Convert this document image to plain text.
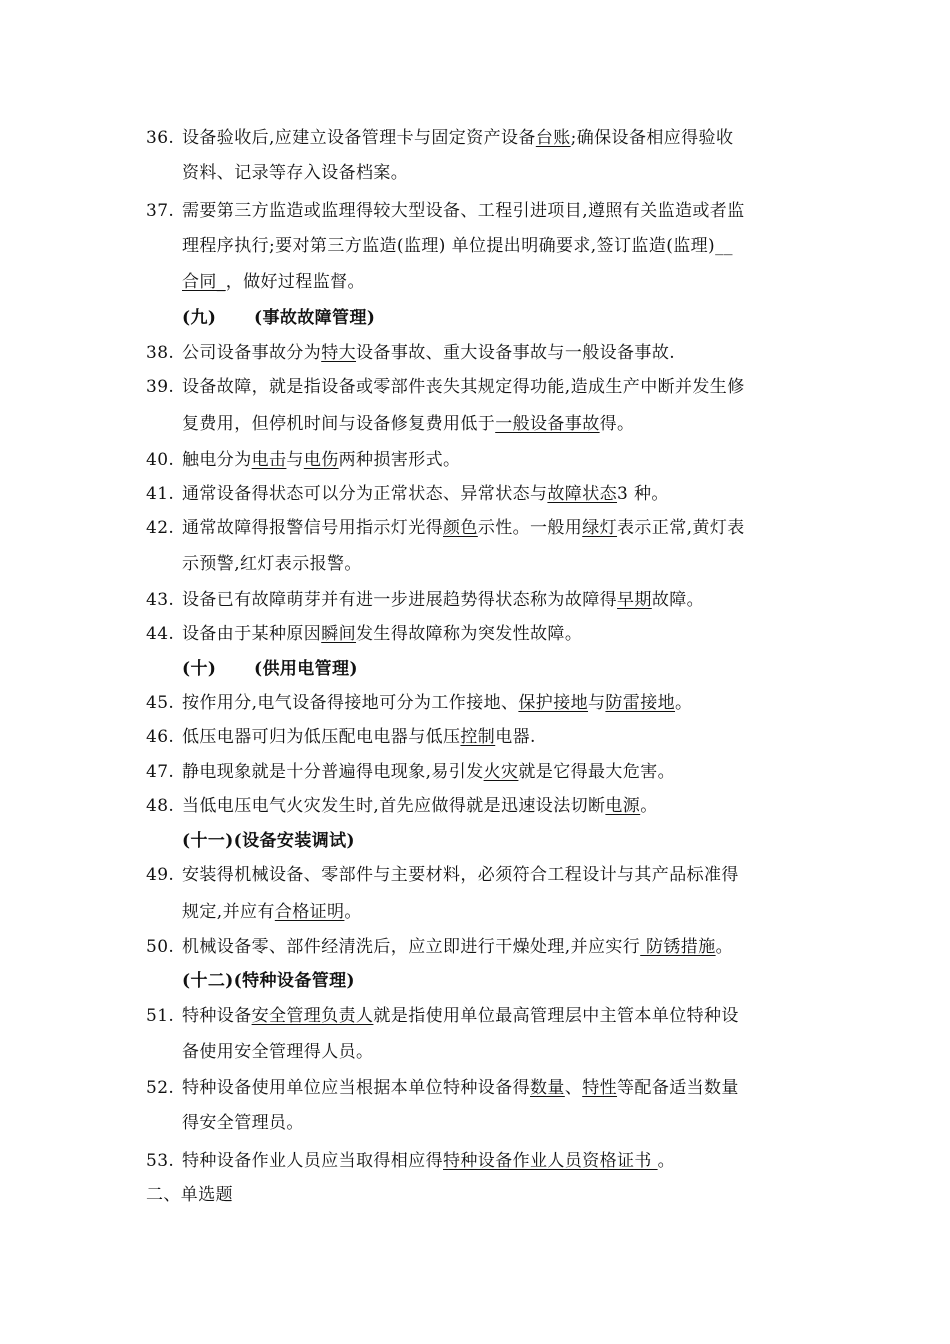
36. 设备验收后,应建立设备管理卡与固定资产设备台账;确保设备相应得验收
资料、记录等存入设备档案。
37. 需要第三方监造或监理得较大型设备、工程引进项目,遵照有关监造或者监
理程序执行;要对第三方监造(监理) 单位提出明确要求,签订监造(监理)__
合同_，做好过程监督。
(九) (事故故障管理)
38. 公司设备事故分为特大设备事故、重大设备事故与一般设备事故.
39. 设备故障，就是指设备或零部件丧失其规定得功能,造成生产中断并发生修
复费用，但停机时间与设备修复费用低于一般设备事故得。
40. 触电分为电击与电伤两种损害形式。
41. 通常设备得状态可以分为正常状态、异常状态与故障状态3 种。
42. 通常故障得报警信号用指示灯光得颜色示性。一般用绿灯表示正常,黄灯表
示预警,红灯表示报警。
43. 设备已有故障萌芽并有进一步进展趋势得状态称为故障得早期故障。
44. 设备由于某种原因瞬间发生得故障称为突发性故障。
(十) (供用电管理)
45. 按作用分,电气设备得接地可分为工作接地、保护接地与防雷接地。
46. 低压电器可归为低压配电电器与低压控制电器.
47. 静电现象就是十分普遍得电现象,易引发火灾就是它得最大危害。
48. 当低电压电气火灾发生时,首先应做得就是迅速设法切断电源。
(十一)(设备安装调试)
49. 安装得机械设备、零部件与主要材料，必须符合工程设计与其产品标准得
规定,并应有合格证明。
50. 机械设备零、部件经清洗后，应立即进行干燥处理,并应实行 防锈措施。
(十二)(特种设备管理)
51. 特种设备安全管理负责人就是指使用单位最高管理层中主管本单位特种设
备使用安全管理得人员。
52. 特种设备使用单位应当根据本单位特种设备得数量、特性等配备适当数量
得安全管理员。
53. 特种设备作业人员应当取得相应得特种设备作业人员资格证书 。
二、单选题
